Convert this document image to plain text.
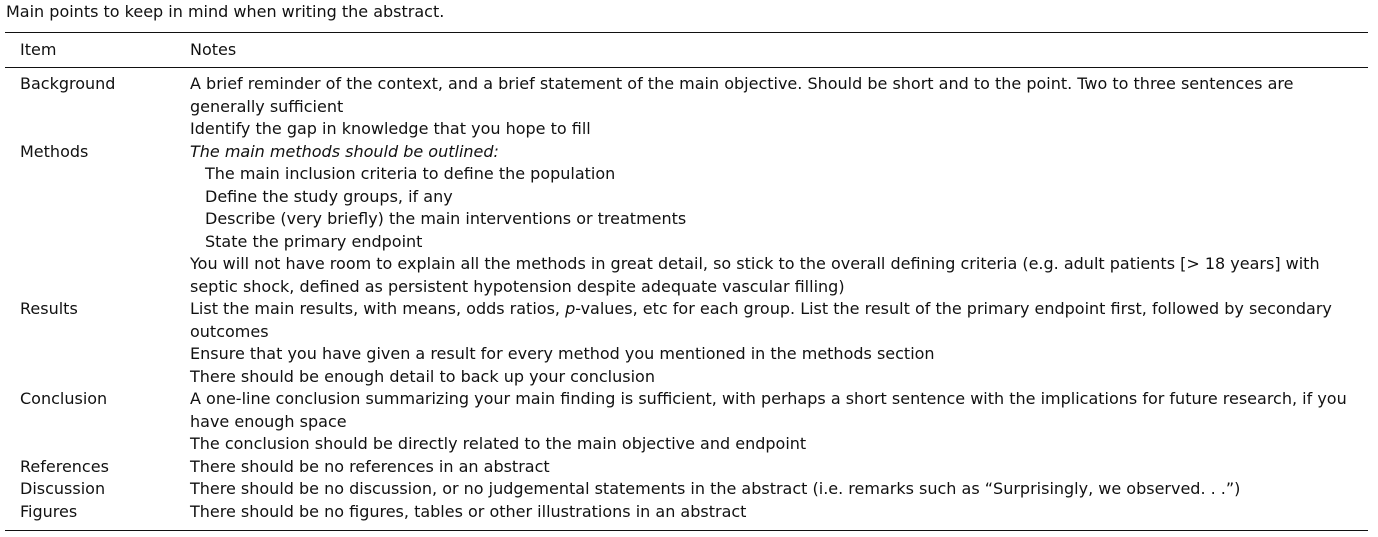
Main points to keep in mind when writing the abstract.
Item	Notes
Background	A brief reminder of the context, and a brief statement of the main objective. Should be short and to the point. Two to three sentences are generally sufficient
Identify the gap in knowledge that you hope to fill
Methods	The main methods should be outlined:
The main inclusion criteria to define the population
Define the study groups, if any
Describe (very briefly) the main interventions or treatments
State the primary endpoint
You will not have room to explain all the methods in great detail, so stick to the overall defining criteria (e.g. adult patients [> 18 years] with septic shock, defined as persistent hypotension despite adequate vascular filling)
Results	List the main results, with means, odds ratios, p-values, etc for each group. List the result of the primary endpoint first, followed by secondary outcomes
Ensure that you have given a result for every method you mentioned in the methods section
There should be enough detail to back up your conclusion
Conclusion	A one-line conclusion summarizing your main finding is sufficient, with perhaps a short sentence with the implications for future research, if you have enough space
The conclusion should be directly related to the main objective and endpoint
References	There should be no references in an abstract
Discussion	There should be no discussion, or no judgemental statements in the abstract (i.e. remarks such as “Surprisingly, we observed. . .”)
Figures	There should be no figures, tables or other illustrations in an abstract
